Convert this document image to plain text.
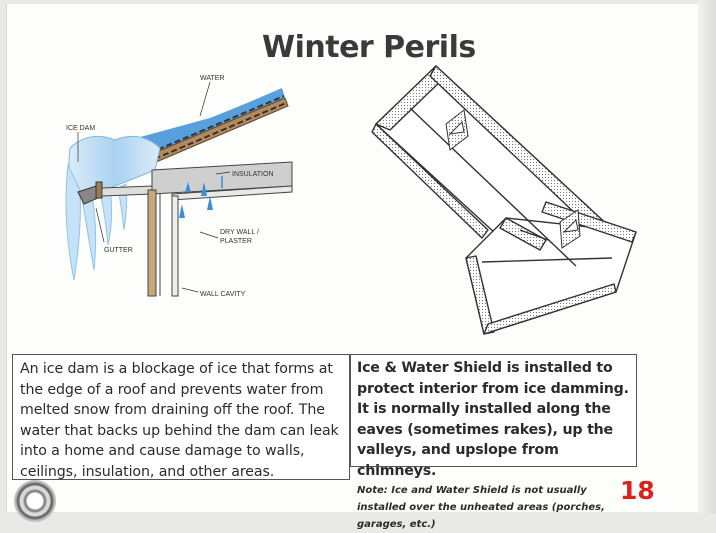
Winter Perils
WATER
ICE DAM
INSULATION
DRY WALL /
PLASTER
GUTTER
WALL CAVITY

An ice dam is a blockage of ice that forms at the edge of a roof and prevents water from melted snow from draining off the roof. The water that backs up behind the dam can leak into a home and cause damage to walls, ceilings, insulation, and other areas.

Ice & Water Shield is installed to protect interior from ice damming. It is normally installed along the eaves (sometimes rakes), up the valleys, and upslope from chimneys.

Note: Ice and Water Shield is not usually installed over the unheated areas (porches, garages, etc.)

18
